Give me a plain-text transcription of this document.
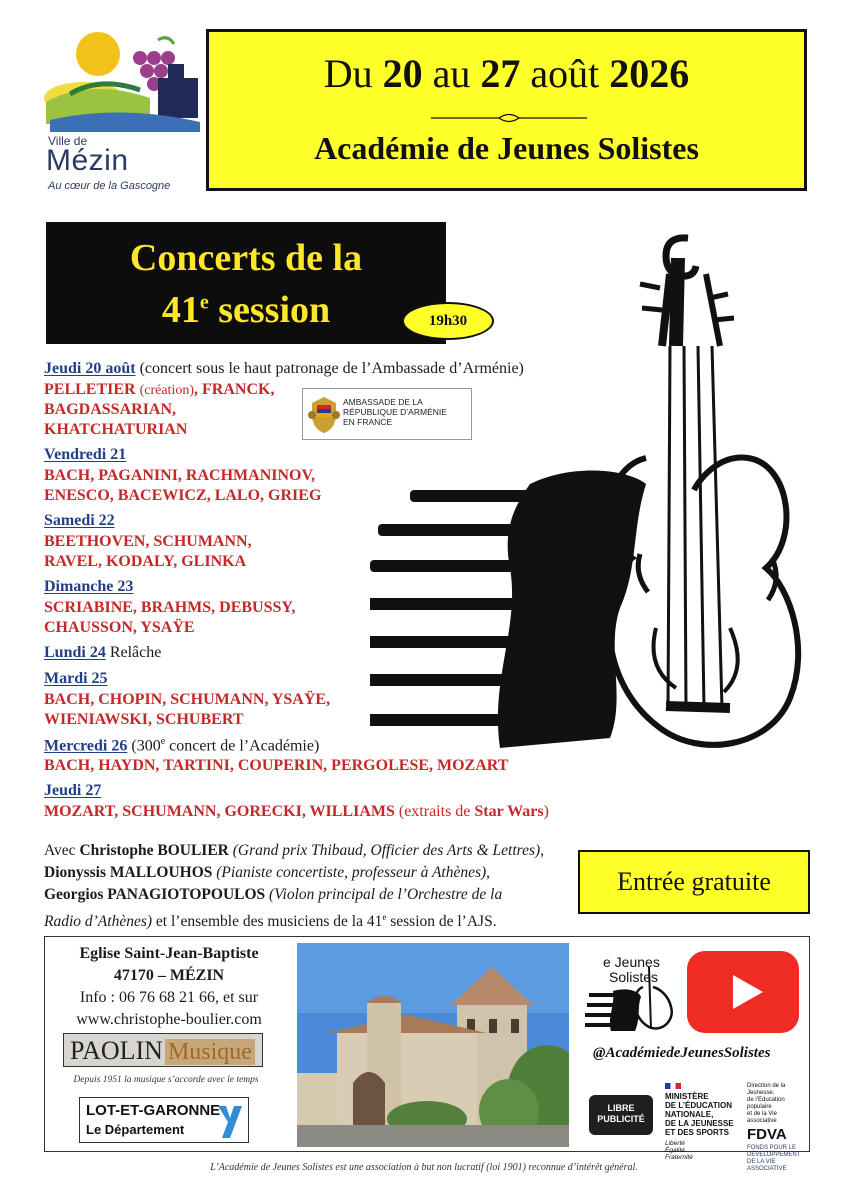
Ville de
Mézin
Au cœur de la Gascogne
Du 20 au 27 août 2026
Académie de Jeunes Solistes
Concerts de la
41e session	19h30
Jeudi 20 août (concert sous le haut patronage de l’Ambassade d’Arménie)
PELLETIER (création), FRANCK,
BAGDASSARIAN,
KHATCHATURIAN
Vendredi 21
BACH, PAGANINI, RACHMANINOV,
ENESCO, BACEWICZ, LALO, GRIEG
Samedi 22
BEETHOVEN, SCHUMANN,
RAVEL, KODALY, GLINKA
Dimanche 23
SCRIABINE, BRAHMS, DEBUSSY,
CHAUSSON, YSAŸE
Lundi 24 Relâche
Mardi 25
BACH, CHOPIN, SCHUMANN, YSAŸE,
WIENIAWSKI, SCHUBERT
Mercredi 26 (300e concert de l’Académie)
BACH, HAYDN, TARTINI, COUPERIN, PERGOLESE, MOZART
Jeudi 27
MOZART, SCHUMANN, GORECKI, WILLIAMS (extraits de Star Wars)
AMBASSADE DE LA
RÉPUBLIQUE D’ARMÉNIE
EN FRANCE
Avec Christophe BOULIER (Grand prix Thibaud, Officier des Arts & Lettres),
Dionyssis MALLOUHOS (Pianiste concertiste, professeur à Athènes),
Georgios PANAGIOTOPOULOS (Violon principal de l’Orchestre de la
Radio d’Athènes) et l’ensemble des musiciens de la 41e session de l’AJS.
Entrée gratuite
Eglise Saint-Jean-Baptiste
47170 – MÉZIN
Info : 06 76 68 21 66, et sur
www.christophe-boulier.com
PAOLIN Musique
Depuis 1951 la musique s’accorde avec le temps
LOT-ET-GARONNE
Le Département
e Jeunes
Solistes
@AcadémiedeJeunesSolistes
LIBRE
PUBLICITÉ
MINISTÈRE
DE L’ÉDUCATION
NATIONALE,
DE LA JEUNESSE
ET DES SPORTS
Liberté
Égalité
Fraternité
Direction de la Jeunesse,
de l’Education populaire
et de la Vie associative
FDVA
FONDS POUR LE
DÉVELOPPEMENT
DE LA VIE
ASSOCIATIVE
L’Académie de Jeunes Solistes est une association à but non lucratif (loi 1901) reconnue d’intérêt général.
